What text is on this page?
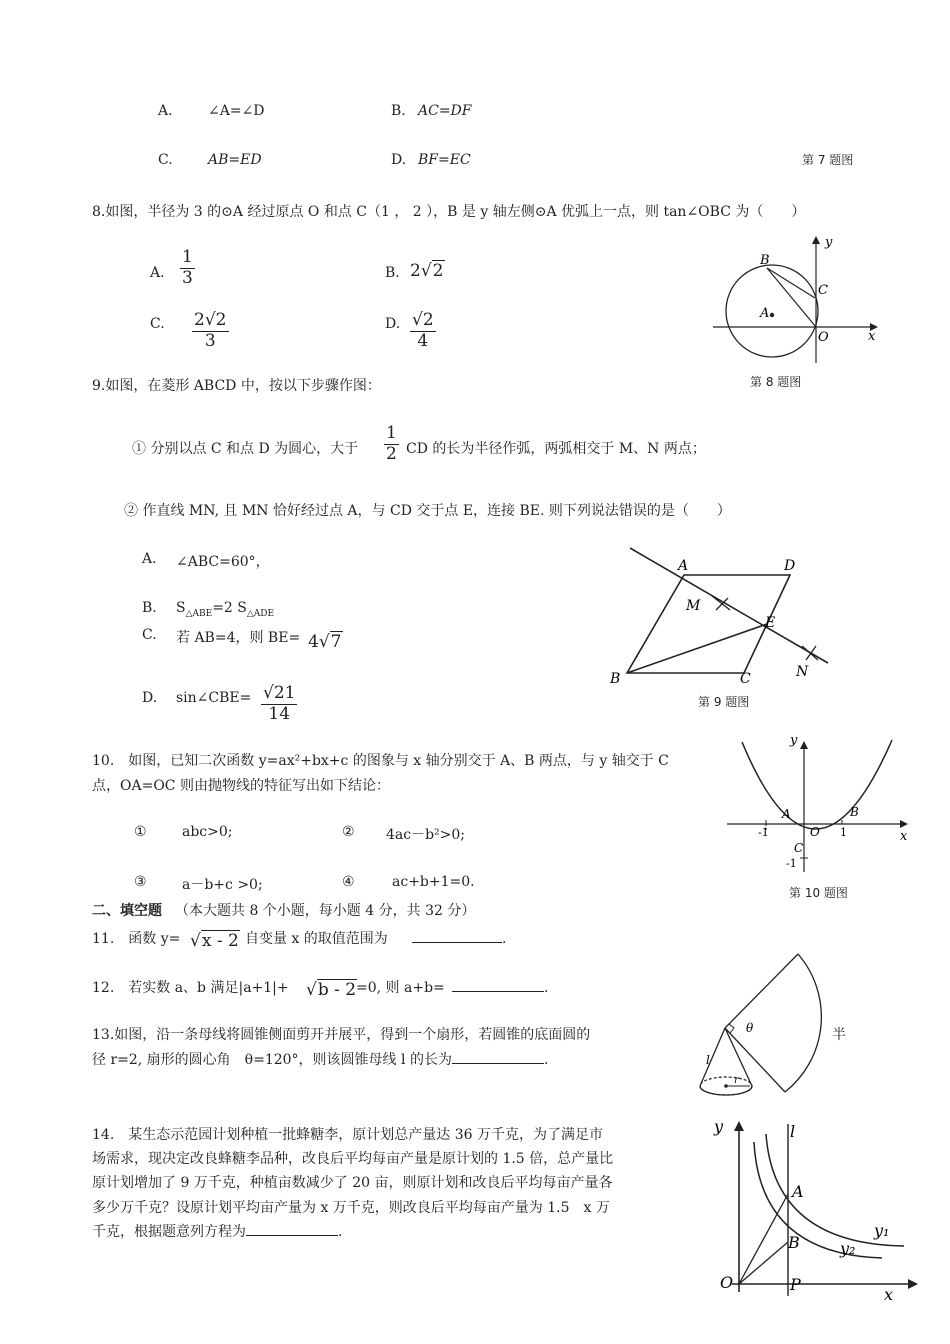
A.	∠A=∠D	B. AC=DF
C.	AB=ED	D. BF=EC	第 7 题图
8.如图，半径为 3 的⊙A 经过原点 O 和点 C（1 ， 2 ），B 是 y 轴左侧⊙A 优弧上一点，则 tan∠OBC 为（　　）
A. $\frac{1}{3}$	B. 2√2
C. $\frac{2√2}{3}$	D. $\frac{√2}{4}$
B
C
A
O	x
y
第 8 题图
9.如图，在菱形 ABCD 中，按以下步骤作图：
① 分别以点 C 和点 D 为圆心，大于 $\frac{1}{2}$ CD 的长为半径作弧，两弧相交于 M、N 两点；
② 作直线 MN, 且 MN 恰好经过点 A，与 CD 交于点 E，连接 BE. 则下列说法错误的是（　　）
A. ∠ABC=60°，
B. $S_{\triangle ABE}=2$ $S_{\triangle ADE}$
C. 若 AB=4，则 BE= 4√7
D. sin∠CBE= $\frac{√21}{14}$
A	D
M
E
B	C	N
第 9 题图
10.　如图，已知二次函数 y=ax²+bx+c 的图象与 x 轴分别交于 A、B 两点，与 y 轴交于 C
点，OA=OC 则由抛物线的特征写出如下结论：
①	abc>0;	② 4ac－b²>0;
③	a－b+c >0;	④	ac+b+1=0.
y
x
A	B
O
C
-1	1
-1
第 10 题图
二、填空题 （本大题共 8 个小题，每小题 4 分，共 32 分）
11.　函数 y= √x - 2 自变量 x 的取值范围为	.
12.　若实数 a、b 满足|a+1|+ √b - 2 =0, 则 a+b=	.
13.如图，沿一条母线将圆锥侧面剪开并展平，得到一个扇形，若圆锥的底面圆的	半
径 r=2, 扇形的圆心角　θ=120°，则该圆锥母线 l 的长为	.
θ
l
r
14.　某生态示范园计划种植一批蜂糖李，原计划总产量达 36 万千克，为了满足市
场需求，现决定改良蜂糖李品种，改良后平均每亩产量是原计划的 1.5 倍，总产量比
原计划增加了 9 万千克，种植亩数减少了 20 亩，则原计划和改良后平均每亩产量各
多少万千克？设原计划平均亩产量为 x 万千克，则改良后平均每亩产量为 1.5　x 万
千克，根据题意列方程为	.
y	l
A
y₁
B	y₂
O	P
x
